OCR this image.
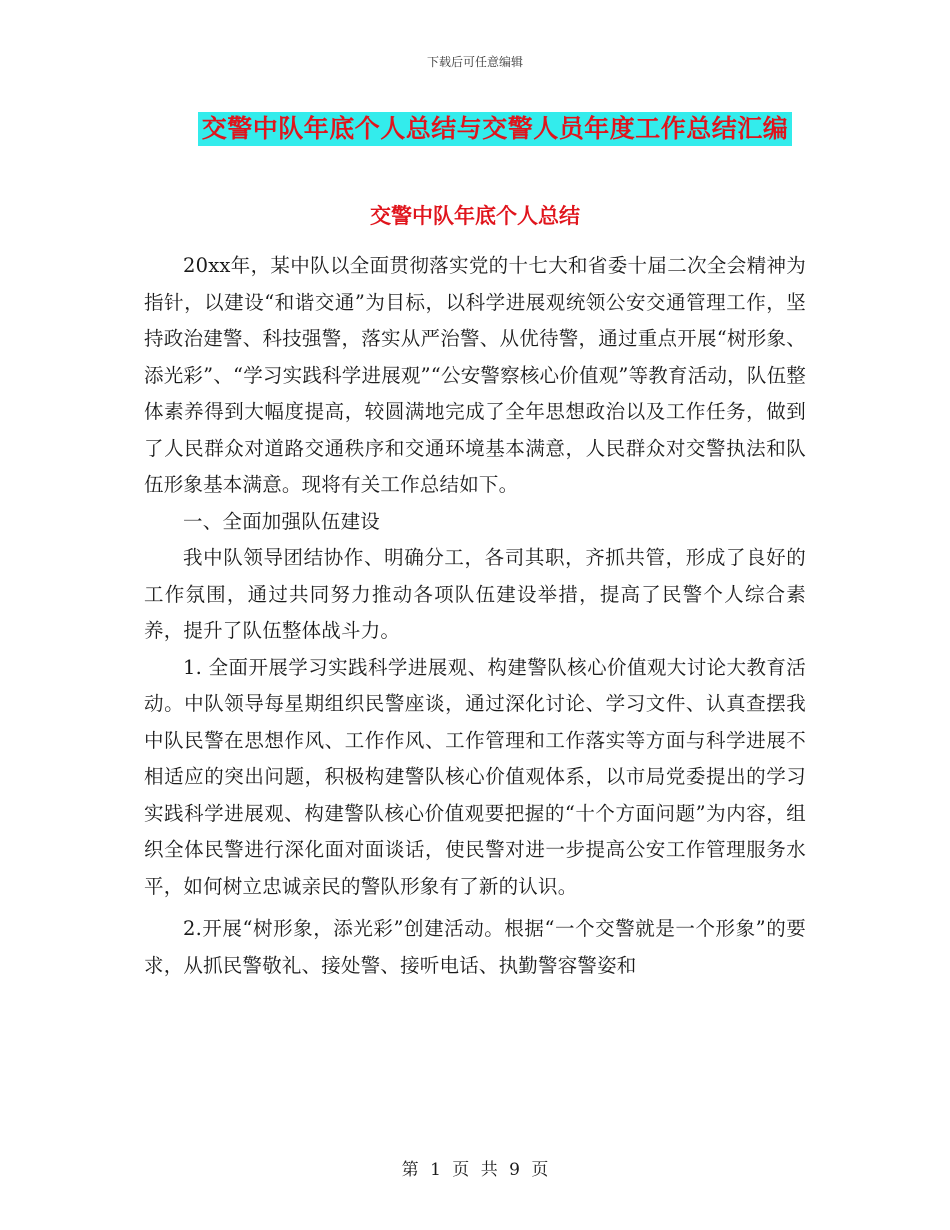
下载后可任意编辑
交警中队年底个人总结与交警人员年度工作总结汇编
交警中队年底个人总结

20xx年，某中队以全面贯彻落实党的十七大和省委十届二次全会精神为指针，以建设“和谐交通”为目标，以科学进展观统领公安交通管理工作，坚持政治建警、科技强警，落实从严治警、从优待警，通过重点开展“树形象、添光彩”、“学习实践科学进展观”“公安警察核心价值观”等教育活动，队伍整体素养得到大幅度提高，较圆满地完成了全年思想政治以及工作任务，做到了人民群众对道路交通秩序和交通环境基本满意，人民群众对交警执法和队伍形象基本满意。现将有关工作总结如下。

一、全面加强队伍建设

我中队领导团结协作、明确分工，各司其职，齐抓共管，形成了良好的工作氛围，通过共同努力推动各项队伍建设举措，提高了民警个人综合素养，提升了队伍整体战斗力。

1. 全面开展学习实践科学进展观、构建警队核心价值观大讨论大教育活动。中队领导每星期组织民警座谈，通过深化讨论、学习文件、认真查摆我中队民警在思想作风、工作作风、工作管理和工作落实等方面与科学进展不相适应的突出问题，积极构建警队核心价值观体系，以市局党委提出的学习实践科学进展观、构建警队核心价值观要把握的“十个方面问题”为内容，组织全体民警进行深化面对面谈话，使民警对进一步提高公安工作管理服务水平，如何树立忠诚亲民的警队形象有了新的认识。

2.开展“树形象，添光彩”创建活动。根据“一个交警就是一个形象”的要求，从抓民警敬礼、接处警、接听电话、执勤警容警姿和

第 1 页 共 9 页
